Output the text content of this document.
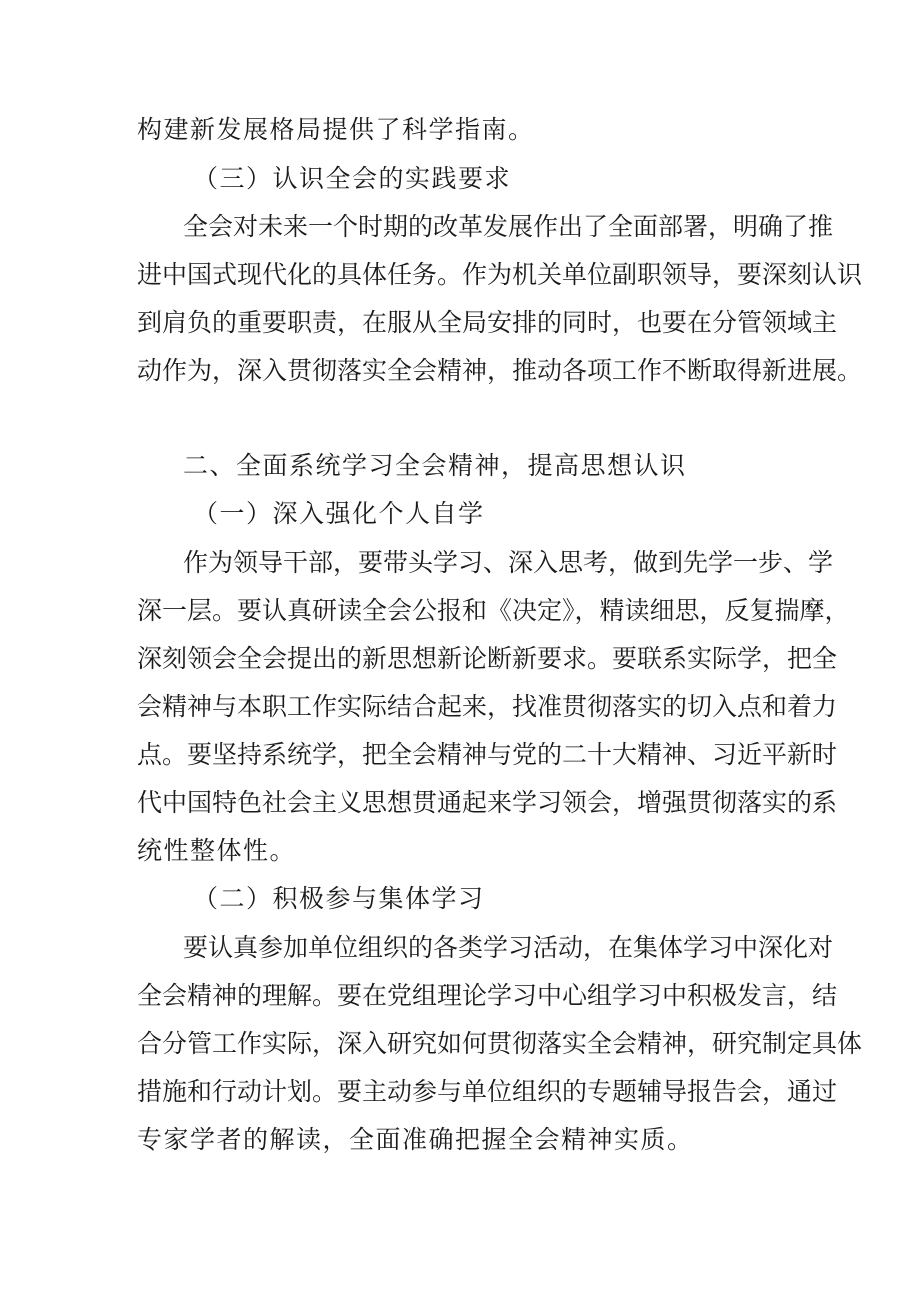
构建新发展格局提供了科学指南。
（三）认识全会的实践要求
全会对未来一个时期的改革发展作出了全面部署，明确了推
进中国式现代化的具体任务。作为机关单位副职领导，要深刻认识
到肩负的重要职责，在服从全局安排的同时，也要在分管领域主
动作为，深入贯彻落实全会精神，推动各项工作不断取得新进展。
二、全面系统学习全会精神，提高思想认识
（一）深入强化个人自学
作为领导干部，要带头学习、深入思考，做到先学一步、学
深一层。要认真研读全会公报和《决定》，精读细思，反复揣摩，
深刻领会全会提出的新思想新论断新要求。要联系实际学，把全
会精神与本职工作实际结合起来，找准贯彻落实的切入点和着力
点。要坚持系统学，把全会精神与党的二十大精神、习近平新时
代中国特色社会主义思想贯通起来学习领会，增强贯彻落实的系
统性整体性。
（二）积极参与集体学习
要认真参加单位组织的各类学习活动，在集体学习中深化对
全会精神的理解。要在党组理论学习中心组学习中积极发言，结
合分管工作实际，深入研究如何贯彻落实全会精神，研究制定具体
措施和行动计划。要主动参与单位组织的专题辅导报告会，通过
专家学者的解读，全面准确把握全会精神实质。
